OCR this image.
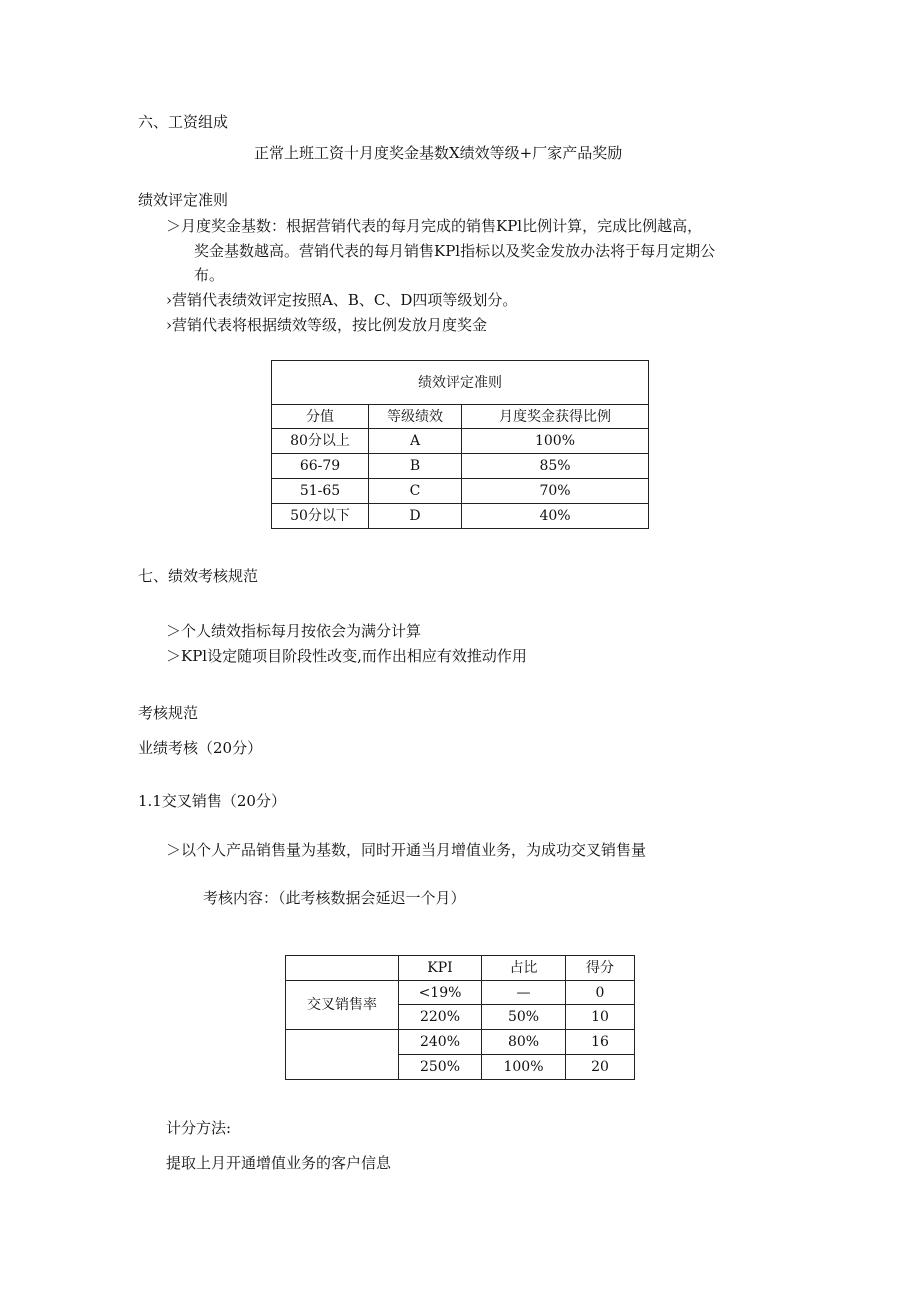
六、工资组成
正常上班工资十月度奖金基数X绩效等级+厂家产品奖励
绩效评定准则
＞月度奖金基数：根据营销代表的每月完成的销售KPl比例计算，完成比例越高，
奖金基数越高。营销代表的每月销售KPl指标以及奖金发放办法将于每月定期公
布。
›营销代表绩效评定按照A、B、C、D四项等级划分。
›营销代表将根据绩效等级，按比例发放月度奖金
绩效评定准则		
分值	等级绩效	月度奖金获得比例
80分以上	A	100%
66-79	B	85%
51-65	C	70%
50分以下	D	40%
七、绩效考核规范
＞个人绩效指标每月按依会为满分计算
＞KPl设定随项目阶段性改变,而作出相应有效推动作用
考核规范
业绩考核（20分）
1.1交叉销售（20分）
＞以个人产品销售量为基数，同时开通当月增值业务，为成功交叉销售量
考核内容：（此考核数据会延迟一个月）
	KPI	占比	得分
交叉销售率	<19%	—	0
	220%	50%	10
	240%	80%	16
	250%	100%	20
计分方法:
提取上月开通增值业务的客户信息
